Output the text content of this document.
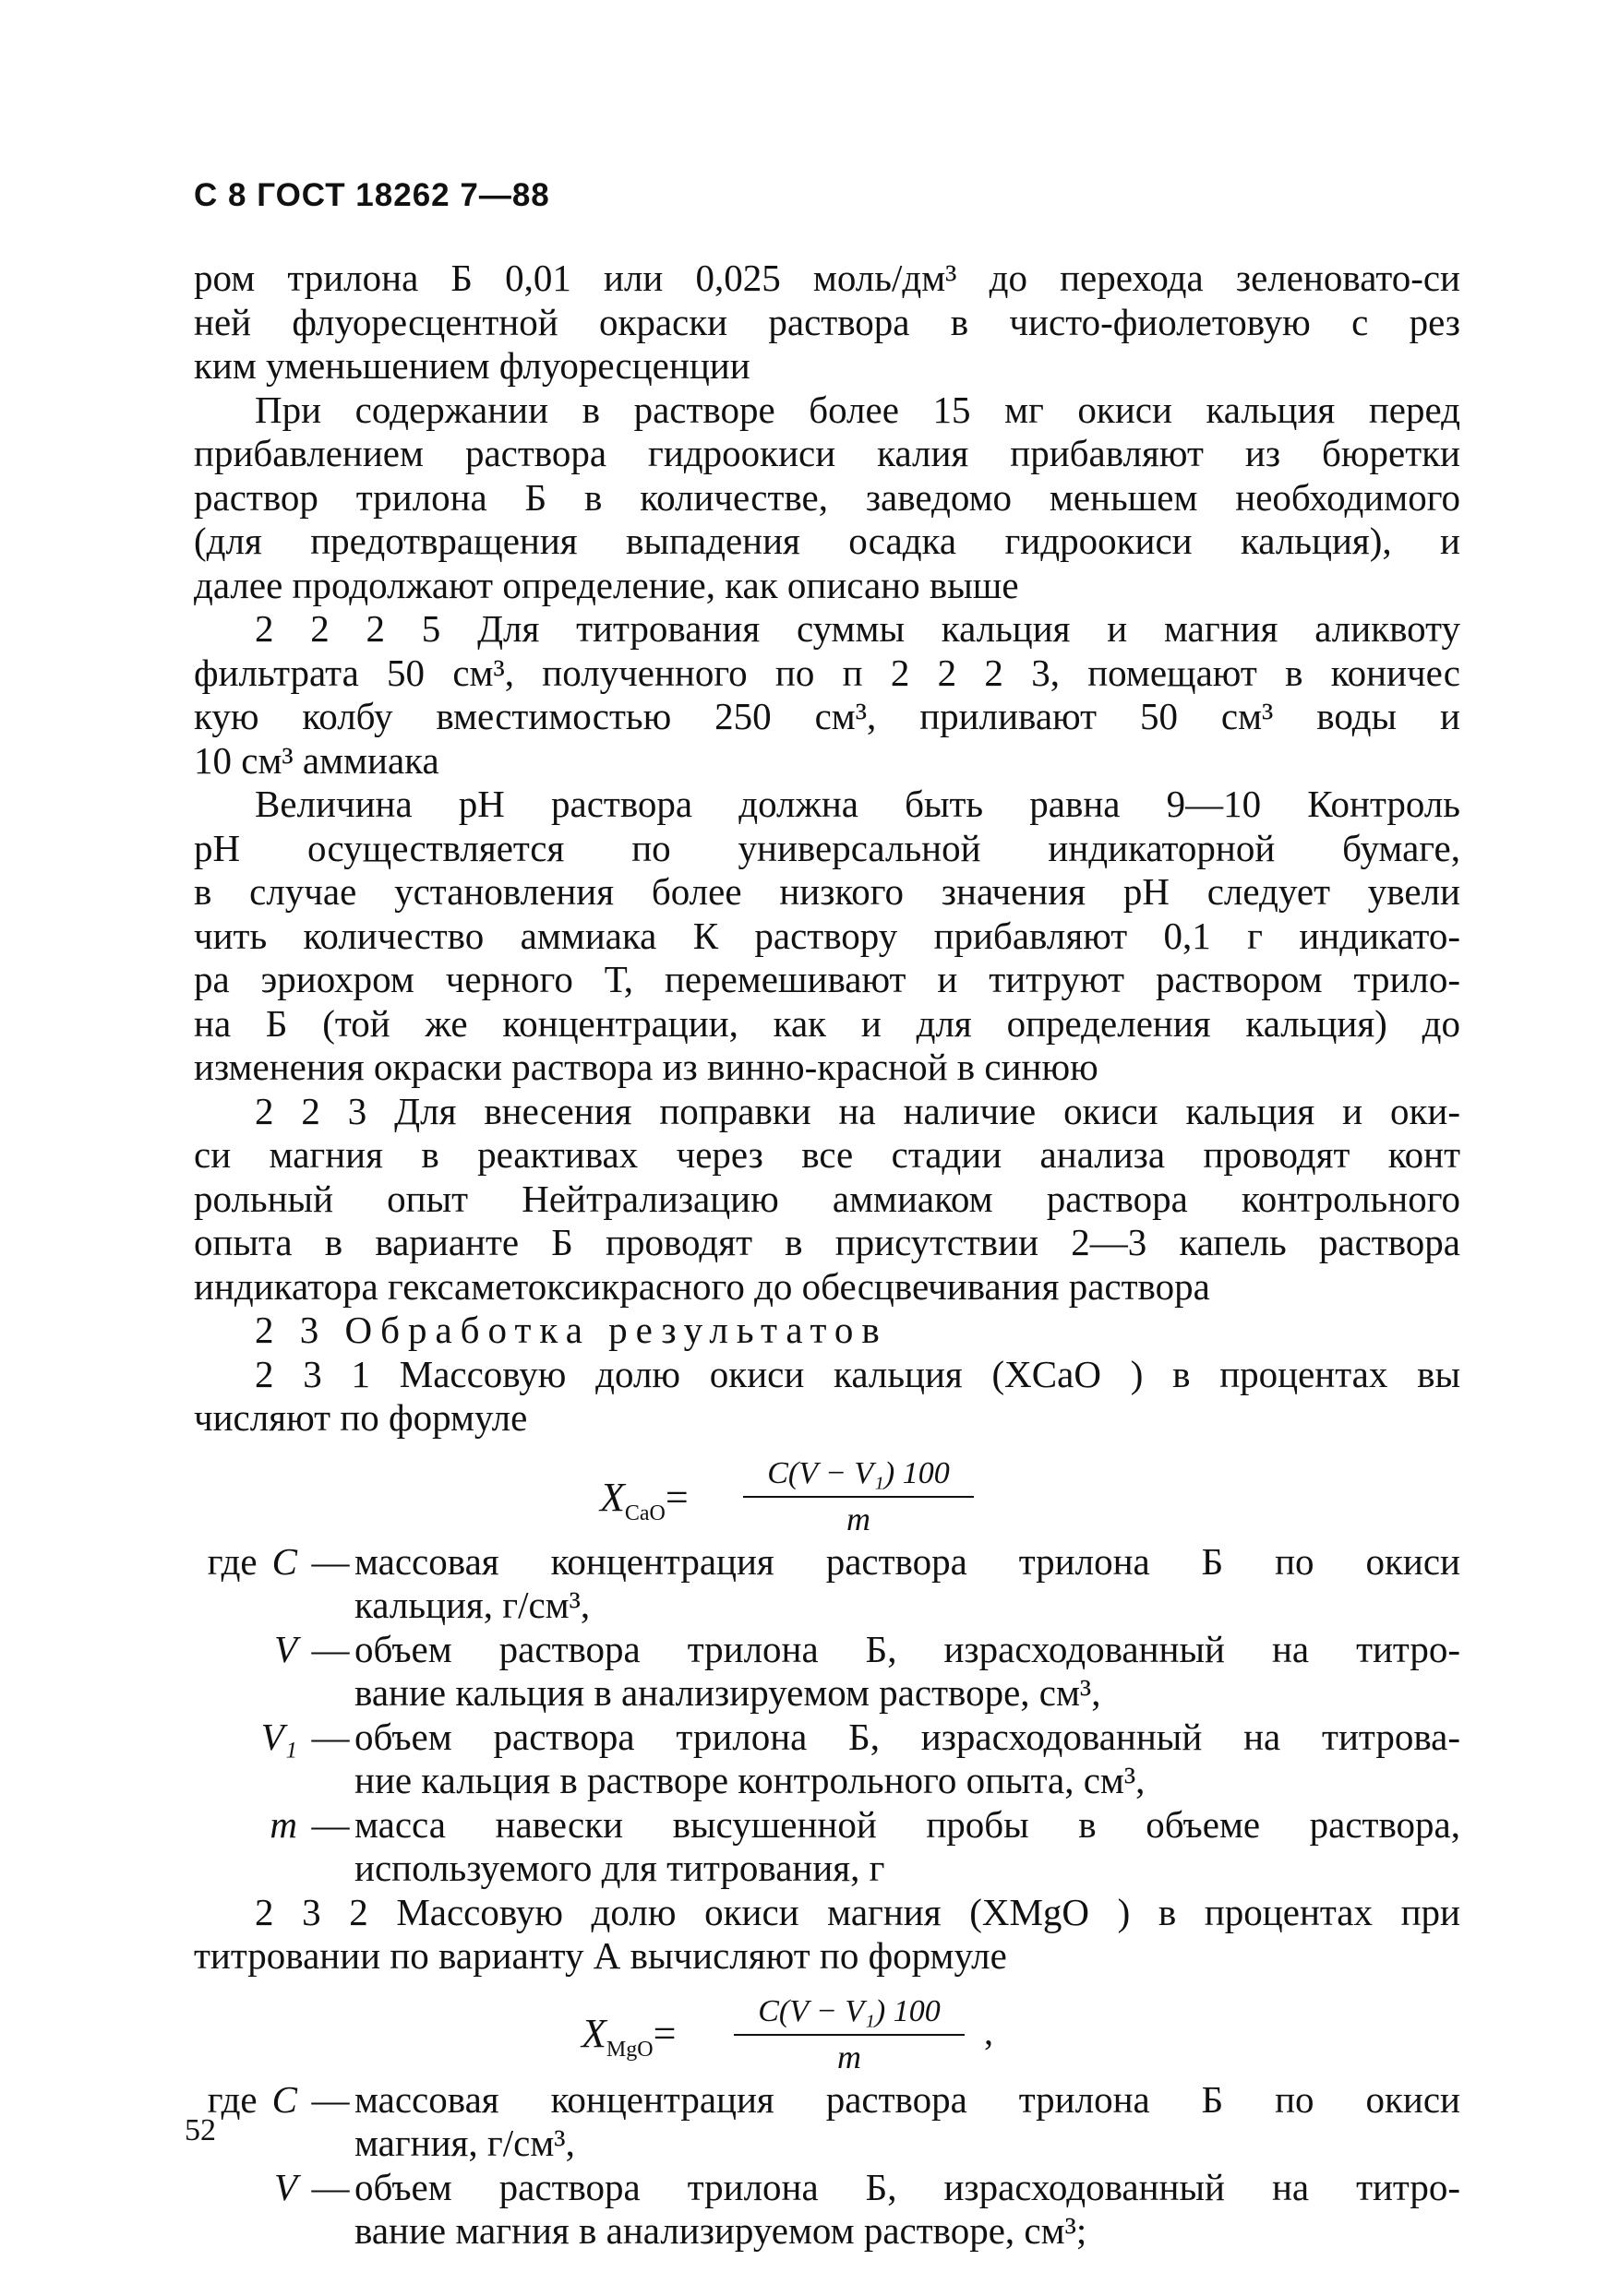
С 8 ГОСТ 18262 7—88
ром трилона Б 0,01 или 0,025 моль/дм³ до перехода зеленовато-си
ней флуоресцентной окраски раствора в чисто-фиолетовую с рез
ким уменьшением флуоресценции
При содержании в растворе более 15 мг окиси кальция перед
прибавлением раствора гидроокиси калия прибавляют из бюретки
раствор трилона Б в количестве, заведомо меньшем необходимого
(для предотвращения выпадения осадка гидроокиси кальция), и
далее продолжают определение, как описано выше
2 2 2 5 Для титрования суммы кальция и магния аликвоту
фильтрата 50 см³, полученного по п 2 2 2 3, помещают в коничес
кую колбу вместимостью 250 см³, приливают 50 см³ воды и
10 см³ аммиака
Величина pH раствора должна быть равна 9—10 Контроль
pH осуществляется по универсальной индикаторной бумаге,
в случае установления более низкого значения pH следует увели
чить количество аммиака К раствору прибавляют 0,1 г индикато-
ра эриохром черного Т, перемешивают и титруют раствором трило-
на Б (той же концентрации, как и для определения кальция) до
изменения окраски раствора из винно-красной в синюю
2 2 3 Для внесения поправки на наличие окиси кальция и оки-
си магния в реактивах через все стадии анализа проводят конт
рольный опыт Нейтрализацию аммиаком раствора контрольного
опыта в варианте Б проводят в присутствии 2—3 капель раствора
индикатора гексаметоксикрасного до обесцвечивания раствора
2 3 Обработка результатов
2 3 1 Массовую долю окиси кальция (XCaO ) в процентах вы
числяют по формуле
$X_{CaO}=$
C(V − V₁) 100
m
где C — массовая концентрация раствора трилона Б по окиси
кальция, г/см³,
V — объем раствора трилона Б, израсходованный на титро-
вание кальция в анализируемом растворе, см³,
V₁ — объем раствора трилона Б, израсходованный на титрова-
ние кальция в растворе контрольного опыта, см³,
m — масса навески высушенной пробы в объеме раствора,
используемого для титрования, г
2 3 2 Массовую долю окиси магния (XMgO ) в процентах при
титровании по варианту А вычисляют по формуле
$X_{MgO}=$	C(V − V₁) 100
m
,
где C — массовая концентрация раствора трилона Б по окиси
магния, г/см³,
V — объем раствора трилона Б, израсходованный на титро-
вание магния в анализируемом растворе, см³;
52
